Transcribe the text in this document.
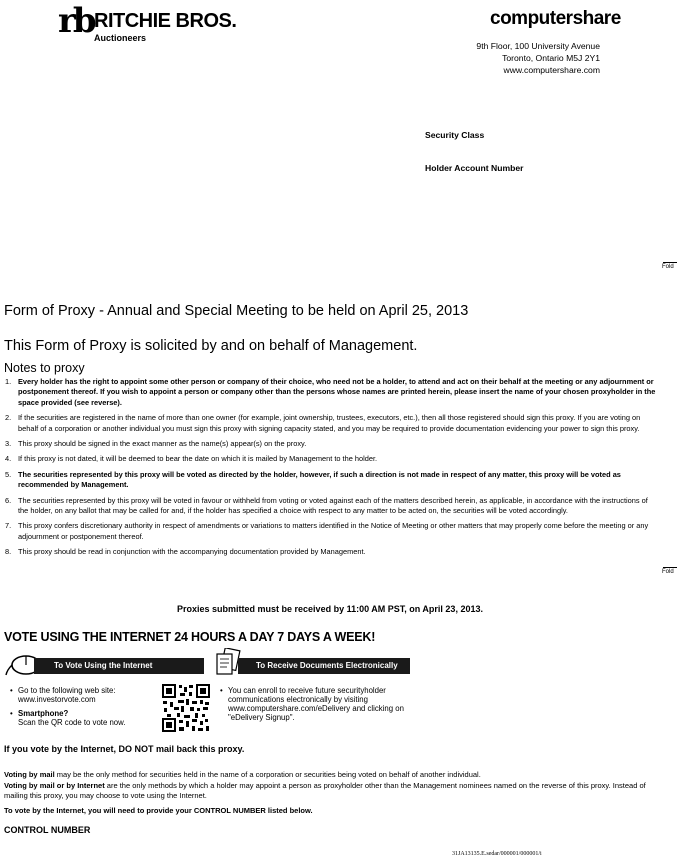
rb RITCHIE BROS.
Auctioneers
computershare
9th Floor, 100 University Avenue
Toronto, Ontario M5J 2Y1
www.computershare.com
Security Class
Holder Account Number
Fold
Fold
Form of Proxy - Annual and Special Meeting to be held on April 25, 2013
This Form of Proxy is solicited by and on behalf of Management.
Notes to proxy
1. Every holder has the right to appoint some other person or company of their choice, who need not be a holder, to attend and act on their behalf at the meeting or any adjournment or postponement thereof. If you wish to appoint a person or company other than the persons whose names are printed herein, please insert the name of your chosen proxyholder in the space provided (see reverse).
2. If the securities are registered in the name of more than one owner (for example, joint ownership, trustees, executors, etc.), then all those registered should sign this proxy. If you are voting on behalf of a corporation or another individual you must sign this proxy with signing capacity stated, and you may be required to provide documentation evidencing your power to sign this proxy.
3. This proxy should be signed in the exact manner as the name(s) appear(s) on the proxy.
4. If this proxy is not dated, it will be deemed to bear the date on which it is mailed by Management to the holder.
5. The securities represented by this proxy will be voted as directed by the holder, however, if such a direction is not made in respect of any matter, this proxy will be voted as recommended by Management.
6. The securities represented by this proxy will be voted in favour or withheld from voting or voted against each of the matters described herein, as applicable, in accordance with the instructions of the holder, on any ballot that may be called for and, if the holder has specified a choice with respect to any matter to be acted on, the securities will be voted accordingly.
7. This proxy confers discretionary authority in respect of amendments or variations to matters identified in the Notice of Meeting or other matters that may properly come before the meeting or any adjournment or postponement thereof.
8. This proxy should be read in conjunction with the accompanying documentation provided by Management.
Proxies submitted must be received by 11:00 AM PST, on April 23, 2013.
VOTE USING THE INTERNET 24 HOURS A DAY 7 DAYS A WEEK!
To Vote Using the Internet
• Go to the following web site:
www.investorvote.com
• Smartphone?
Scan the QR code to vote now.
To Receive Documents Electronically
• You can enroll to receive future securityholder
communications electronically by visiting
www.computershare.com/eDelivery and clicking on
"eDelivery Signup".
If you vote by the Internet, DO NOT mail back this proxy.
Voting by mail may be the only method for securities held in the name of a corporation or securities being voted on behalf of another individual.
Voting by mail or by Internet are the only methods by which a holder may appoint a person as proxyholder other than the Management nominees named on the reverse of this proxy. Instead of mailing this proxy, you may choose to vote using the Internet.
To vote by the Internet, you will need to provide your CONTROL NUMBER listed below.
CONTROL NUMBER
31JA13135.E.sedar/000001/000001/i
